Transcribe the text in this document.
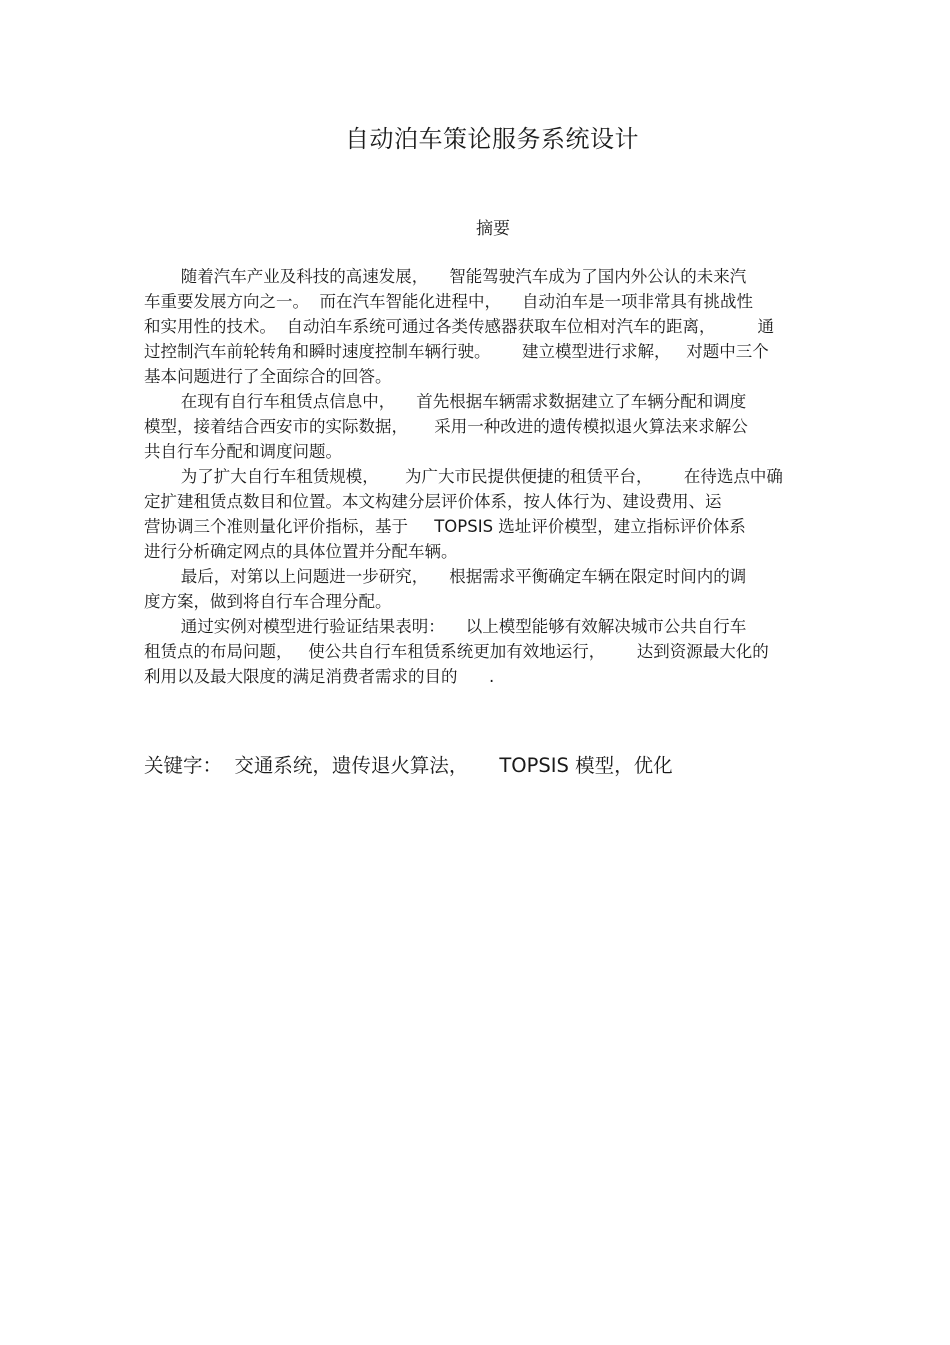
自动泊车策论服务系统设计
摘要
随着汽车产业及科技的高速发展，    智能驾驶汽车成为了国内外公认的未来汽
车重要发展方向之一。  而在汽车智能化进程中，    自动泊车是一项非常具有挑战性
和实用性的技术。  自动泊车系统可通过各类传感器获取车位相对汽车的距离，        通
过控制汽车前轮转角和瞬时速度控制车辆行驶。      建立模型进行求解，   对题中三个
基本问题进行了全面综合的回答。
在现有自行车租赁点信息中，    首先根据车辆需求数据建立了车辆分配和调度
模型，接着结合西安市的实际数据，     采用一种改进的遗传模拟退火算法来求解公
共自行车分配和调度问题。
为了扩大自行车租赁规模，     为广大市民提供便捷的租赁平台，      在待选点中确
定扩建租赁点数目和位置。本文构建分层评价体系，按人体行为、建设费用、运
营协调三个准则量化评价指标，基于     TOPSIS 选址评价模型，建立指标评价体系
进行分析确定网点的具体位置并分配车辆。
最后，对第以上问题进一步研究，    根据需求平衡确定车辆在限定时间内的调
度方案，做到将自行车合理分配。
通过实例对模型进行验证结果表明：    以上模型能够有效解决城市公共自行车
租赁点的布局问题，   使公共自行车租赁系统更加有效地运行，      达到资源最大化的
利用以及最大限度的满足消费者需求的目的      .
关键字：  交通系统，遗传退火算法，     TOPSIS 模型，优化
